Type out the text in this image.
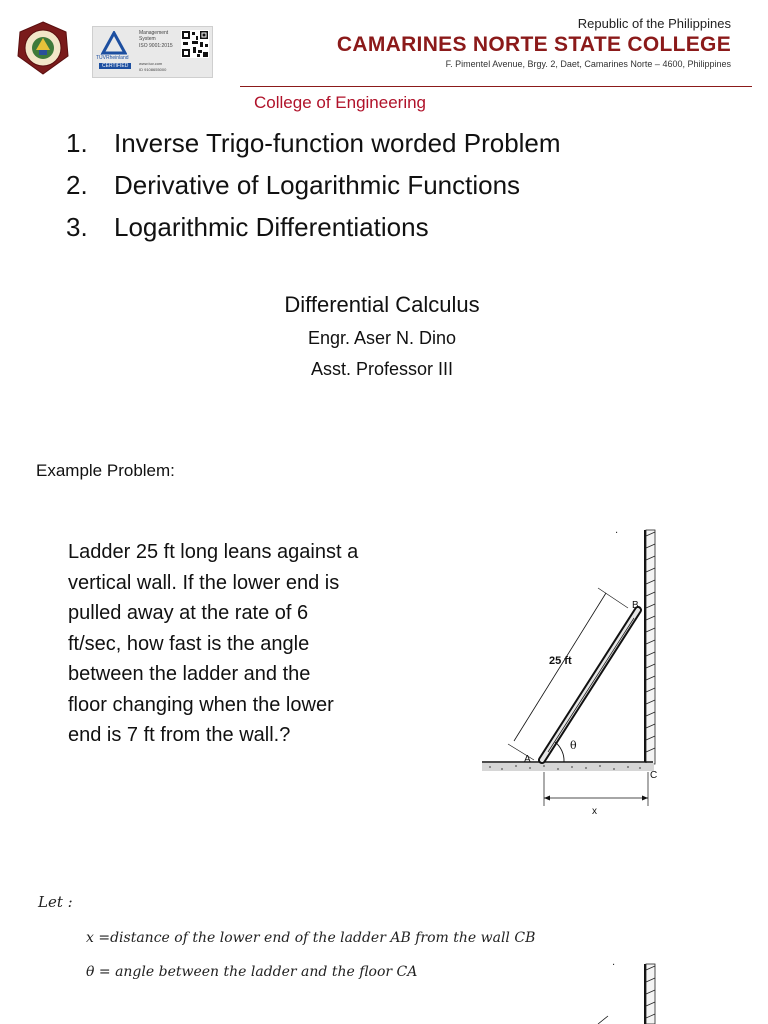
TÜVRheinland
CERTIFIED
Management System
ISO 9001:2015
www.tuv.com
ID 9108655000
Republic of the Philippines
CAMARINES NORTE STATE COLLEGE
F. Pimentel Avenue, Brgy. 2, Daet, Camarines Norte – 4600, Philippines
College of Engineering
1. Inverse Trigo-function worded Problem
2. Derivative of Logarithmic Functions
3. Logarithmic Differentiations
Differential Calculus
Engr. Aser N. Dino
Asst. Professor III
Example Problem:
Ladder 25 ft long leans against a
vertical wall. If the lower end is
pulled away at the rate of 6
ft/sec, how fast is the angle
between the ladder and the
floor changing when the lower
end is 7 ft from the wall.?
·
25 ft
θ
A
B
C
x
Let :
x =distance of the lower end of the ladder AB from the wall CB
θ = angle between the ladder and the floor CA	·
